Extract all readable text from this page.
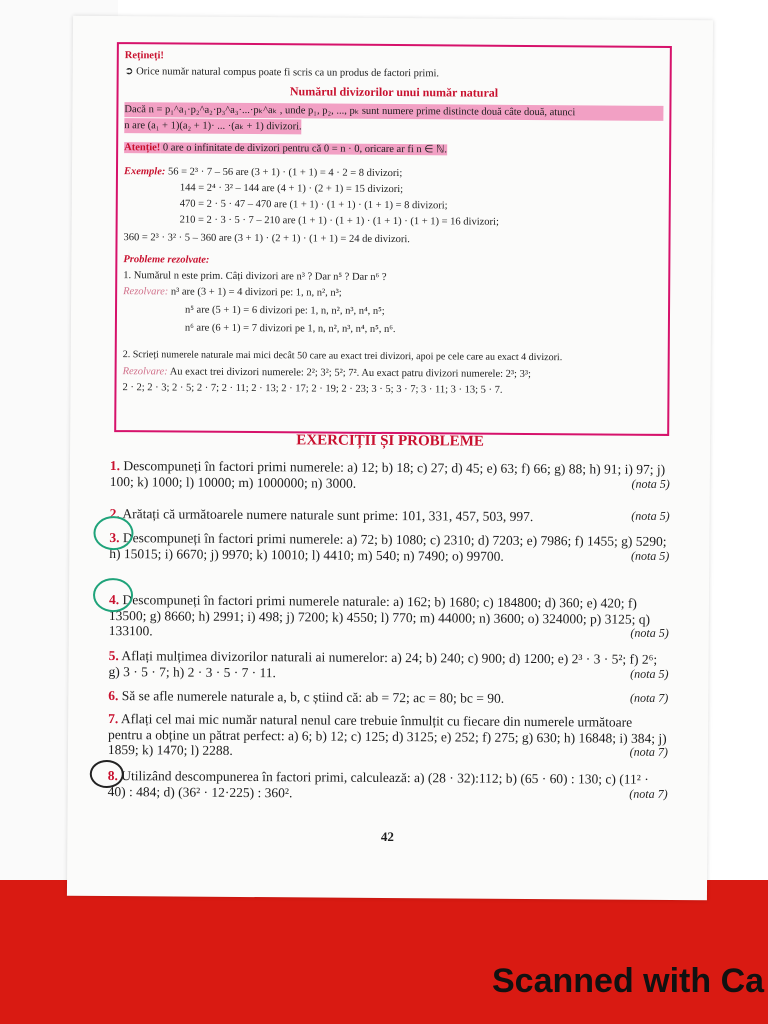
Rețineți!
➲ Orice număr natural compus poate fi scris ca un produs de factori primi.
Numărul divizorilor unui număr natural
Dacă n = p₁^a₁·p₂^a₂·p₃^a₃·...·pₖ^aₖ , unde p₁, p₂, ..., pₖ sunt numere prime distincte două câte două, atunci
n are (a₁ + 1)(a₂ + 1)· ... ·(aₖ + 1) divizori.
Atenție! 0 are o infinitate de divizori pentru că 0 = n · 0, oricare ar fi n ∈ ℕ.
Exemple: 56 = 2³ · 7 – 56 are (3 + 1) · (1 + 1) = 4 · 2 = 8 divizori;
144 = 2⁴ · 3² – 144 are (4 + 1) · (2 + 1) = 15 divizori;
470 = 2 · 5 · 47 – 470 are (1 + 1) · (1 + 1) · (1 + 1) = 8 divizori;
210 = 2 · 3 · 5 · 7 – 210 are (1 + 1) · (1 + 1) · (1 + 1) · (1 + 1) = 16 divizori;
360 = 2³ · 3² · 5 – 360 are (3 + 1) · (2 + 1) · (1 + 1) = 24 de divizori.
Probleme rezolvate:
1. Numărul n este prim. Câți divizori are n³ ? Dar n⁵ ? Dar n⁶ ?
Rezolvare: n³ are (3 + 1) = 4 divizori pe: 1, n, n², n³;
n⁵ are (5 + 1) = 6 divizori pe: 1, n, n², n³, n⁴, n⁵;
n⁶ are (6 + 1) = 7 divizori pe 1, n, n², n³, n⁴, n⁵, n⁶.
2. Scrieți numerele naturale mai mici decât 50 care au exact trei divizori, apoi pe cele care au exact 4 divizori.
Rezolvare: Au exact trei divizori numerele: 2²; 3²; 5²; 7². Au exact patru divizori numerele: 2³; 3³;
2 · 2; 2 · 3; 2 · 5; 2 · 7; 2 · 11; 2 · 13; 2 · 17; 2 · 19; 2 · 23; 3 · 5; 3 · 7; 3 · 11; 3 · 13; 5 · 7.
EXERCIȚII ȘI PROBLEME
1. Descompuneți în factori primi numerele: a) 12; b) 18; c) 27; d) 45; e) 63; f) 66; g) 88; h) 91; i) 97; j) 100; k) 1000; l) 10000; m) 1000000; n) 3000.	(nota 5)
2. Arătați că următoarele numere naturale sunt prime: 101, 331, 457, 503, 997.	(nota 5)
3. Descompuneți în factori primi numerele: a) 72; b) 1080; c) 2310; d) 7203; e) 7986; f) 1455; g) 5290; h) 15015; i) 6670; j) 9970; k) 10010; l) 4410; m) 540; n) 7490; o) 99700.	(nota 5)
4. Descompuneți în factori primi numerele naturale: a) 162; b) 1680; c) 184800; d) 360; e) 420; f) 13500; g) 8660; h) 2991; i) 498; j) 7200; k) 4550; l) 770; m) 44000; n) 3600; o) 324000; p) 3125; q) 133100.	(nota 5)
5. Aflați mulțimea divizorilor naturali ai numerelor: a) 24; b) 240; c) 900; d) 1200; e) 2³ · 3 · 5²; f) 2⁶; g) 3 · 5 · 7; h) 2 · 3 · 5 · 7 · 11.	(nota 5)
6. Să se afle numerele naturale a, b, c știind că: ab = 72; ac = 80; bc = 90.	(nota 7)
7. Aflați cel mai mic număr natural nenul care trebuie înmulțit cu fiecare din numerele următoare pentru a obține un pătrat perfect: a) 6; b) 12; c) 125; d) 3125; e) 252; f) 275; g) 630; h) 16848; i) 384; j) 1859; k) 1470; l) 2288.	(nota 7)
8. Utilizând descompunerea în factori primi, calculează: a) (28 · 32):112; b) (65 · 60) : 130; c) (11² · 40) : 484; d) (36² · 12·225) : 360².	(nota 7)
42
Scanned with Ca
